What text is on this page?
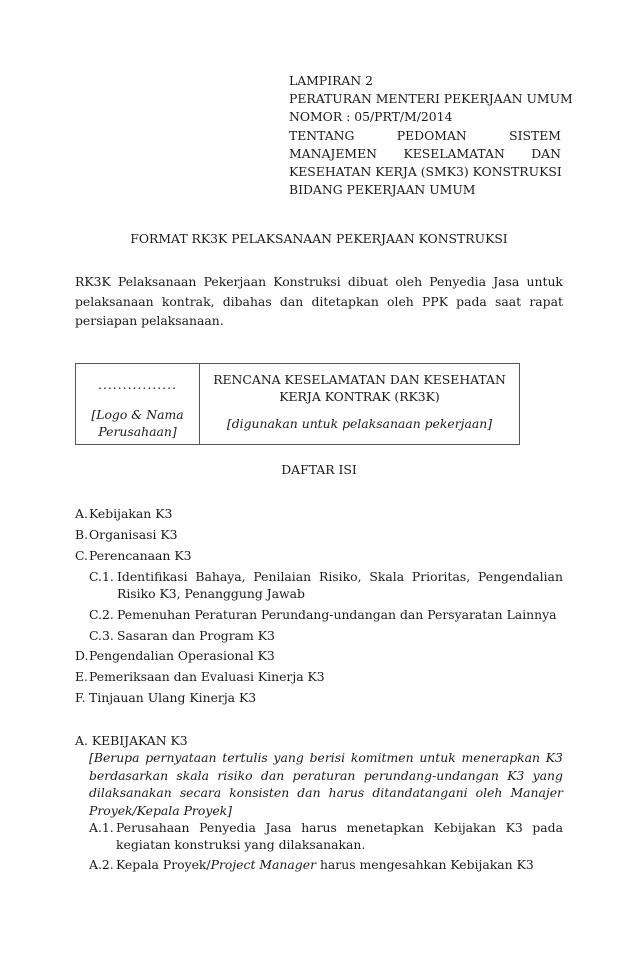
LAMPIRAN 2
PERATURAN MENTERI PEKERJAAN UMUM
NOMOR : 05/PRT/M/2014
TENTANG	PEDOMAN	SISTEM
MANAJEMEN KESELAMATAN DAN
KESEHATAN KERJA (SMK3) KONSTRUKSI
BIDANG PEKERJAAN UMUM
FORMAT RK3K PELAKSANAAN PEKERJAAN KONSTRUKSI
RK3K Pelaksanaan Pekerjaan Konstruksi dibuat oleh Penyedia Jasa untuk
pelaksanaan kontrak, dibahas dan ditetapkan oleh PPK pada saat rapat
persiapan pelaksanaan.
................
[Logo & Nama
Perusahaan]
RENCANA KESELAMATAN DAN KESEHATAN
KERJA KONTRAK (RK3K)
[digunakan untuk pelaksanaan pekerjaan]
DAFTAR ISI
A.Kebijakan K3
B.Organisasi K3
C.Perencanaan K3
C.1. Identifikasi Bahaya, Penilaian Risiko, Skala Prioritas, Pengendalian
Risiko K3, Penanggung Jawab
C.2. Pemenuhan Peraturan Perundang-undangan dan Persyaratan Lainnya
C.3. Sasaran dan Program K3
D.Pengendalian Operasional K3
E.Pemeriksaan dan Evaluasi Kinerja K3
F. Tinjauan Ulang Kinerja K3
A. KEBIJAKAN K3
[Berupa pernyataan tertulis yang berisi komitmen untuk menerapkan K3
berdasarkan skala risiko dan peraturan perundang-undangan K3 yang
dilaksanakan secara konsisten dan harus ditandatangani oleh Manajer
Proyek/Kepala Proyek]
A.1. Perusahaan Penyedia Jasa harus menetapkan Kebijakan K3 pada
kegiatan konstruksi yang dilaksanakan.
A.2. Kepala Proyek/Project Manager harus mengesahkan Kebijakan K3
